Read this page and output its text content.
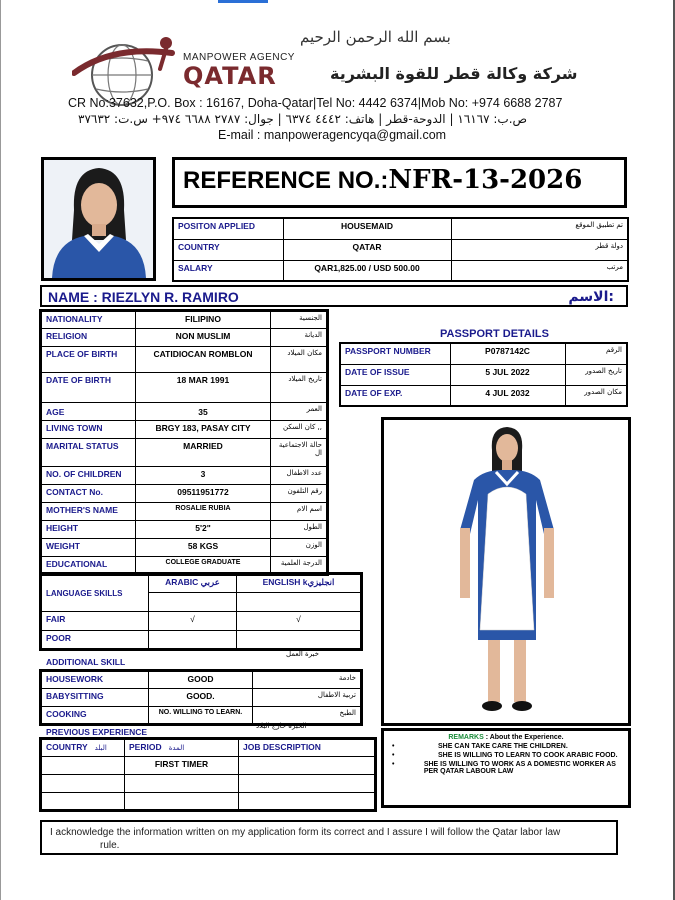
بسم الله الرحمن الرحيم
MANPOWER AGENCY
QATAR	شركة وكالة قطر للقوة البشرية
CR No:37632,P.O. Box : 16167, Doha-Qatar|Tel No: 4442 6374|Mob No: +974 6688 2787
ص.ب: ١٦١٦٧ | الدوحة-قطر | هاتف: ٤٤٤٢ ٦٣٧٤ | جوال: ٢٧٨٧ ٦٦٨٨ ٩٧٤+ س.ت: ٣٧٦٣٢
E-mail : manpoweragencyqa@gmail.com
REFERENCE NO.:NFR-13-2026
POSITON APPLIED	HOUSEMAID	تم تطبيق الموقع
COUNTRY	QATAR	دولة قطر
SALARY	QAR1,825.00 / USD 500.00	مرتب
NAME : RIEZLYN R. RAMIRO	الاسم:
NATIONALITY	FILIPINO	الجنسية
RELIGION	NON MUSLIM	الديانة
PLACE OF BIRTH	CATIDIOCAN ROMBLON	مكان الميلاد
DATE OF BIRTH	18 MAR 1991	تاريخ الميلاد
AGE	35	العمر
LIVING TOWN	BRGY 183, PASAY CITY	كان السكن ,,
MARITAL STATUS	MARRIED	حالة الاجتماعية ال
NO. OF CHILDREN	3	عدد الاطفال
CONTACT No.	09511951772	رقم التلفون
MOTHER'S NAME	ROSALIE RUBIA	اسم الام
HEIGHT	5'2"	الطول
WEIGHT	58 KGS	الوزن
EDUCATIONAL	COLLEGE GRADUATE	الدرجة العلمية
PASSPORT DETAILS
PASSPORT NUMBER	P0787142C	الرقم
DATE OF ISSUE	5 JUL 2022	تاريخ الصدور
DATE OF EXP.	4 JUL 2032	مكان الصدور
LANGUAGE SKILLS	ARABIC عربي	ENGLISH kانجليزي

FAIR	√	√
POOR		
ADDITIONAL SKILL
خبرة العمل
HOUSEWORK	GOOD	خادمة
BABYSITTING	GOOD.	تربية الاطفال
COOKING	NO. WILLING TO LEARN.	الطبخ
PREVIOUS EXPERIENCE
الخبرة خارج البلاد
COUNTRY البلد	PERIOD المدة	JOB DESCRIPTION
	FIRST TIMER	

REMARKS : About the Experience.
•	SHE CAN TAKE CARE THE CHILDREN.
•	SHE IS WILLING TO LEARN TO COOK ARABIC FOOD.
•	SHE IS WILLING TO WORK AS A DOMESTIC WORKER AS PER QATAR LABOUR LAW
I acknowledge the information written on my application form its correct and I assure I will follow the Qatar labor law
rule.
